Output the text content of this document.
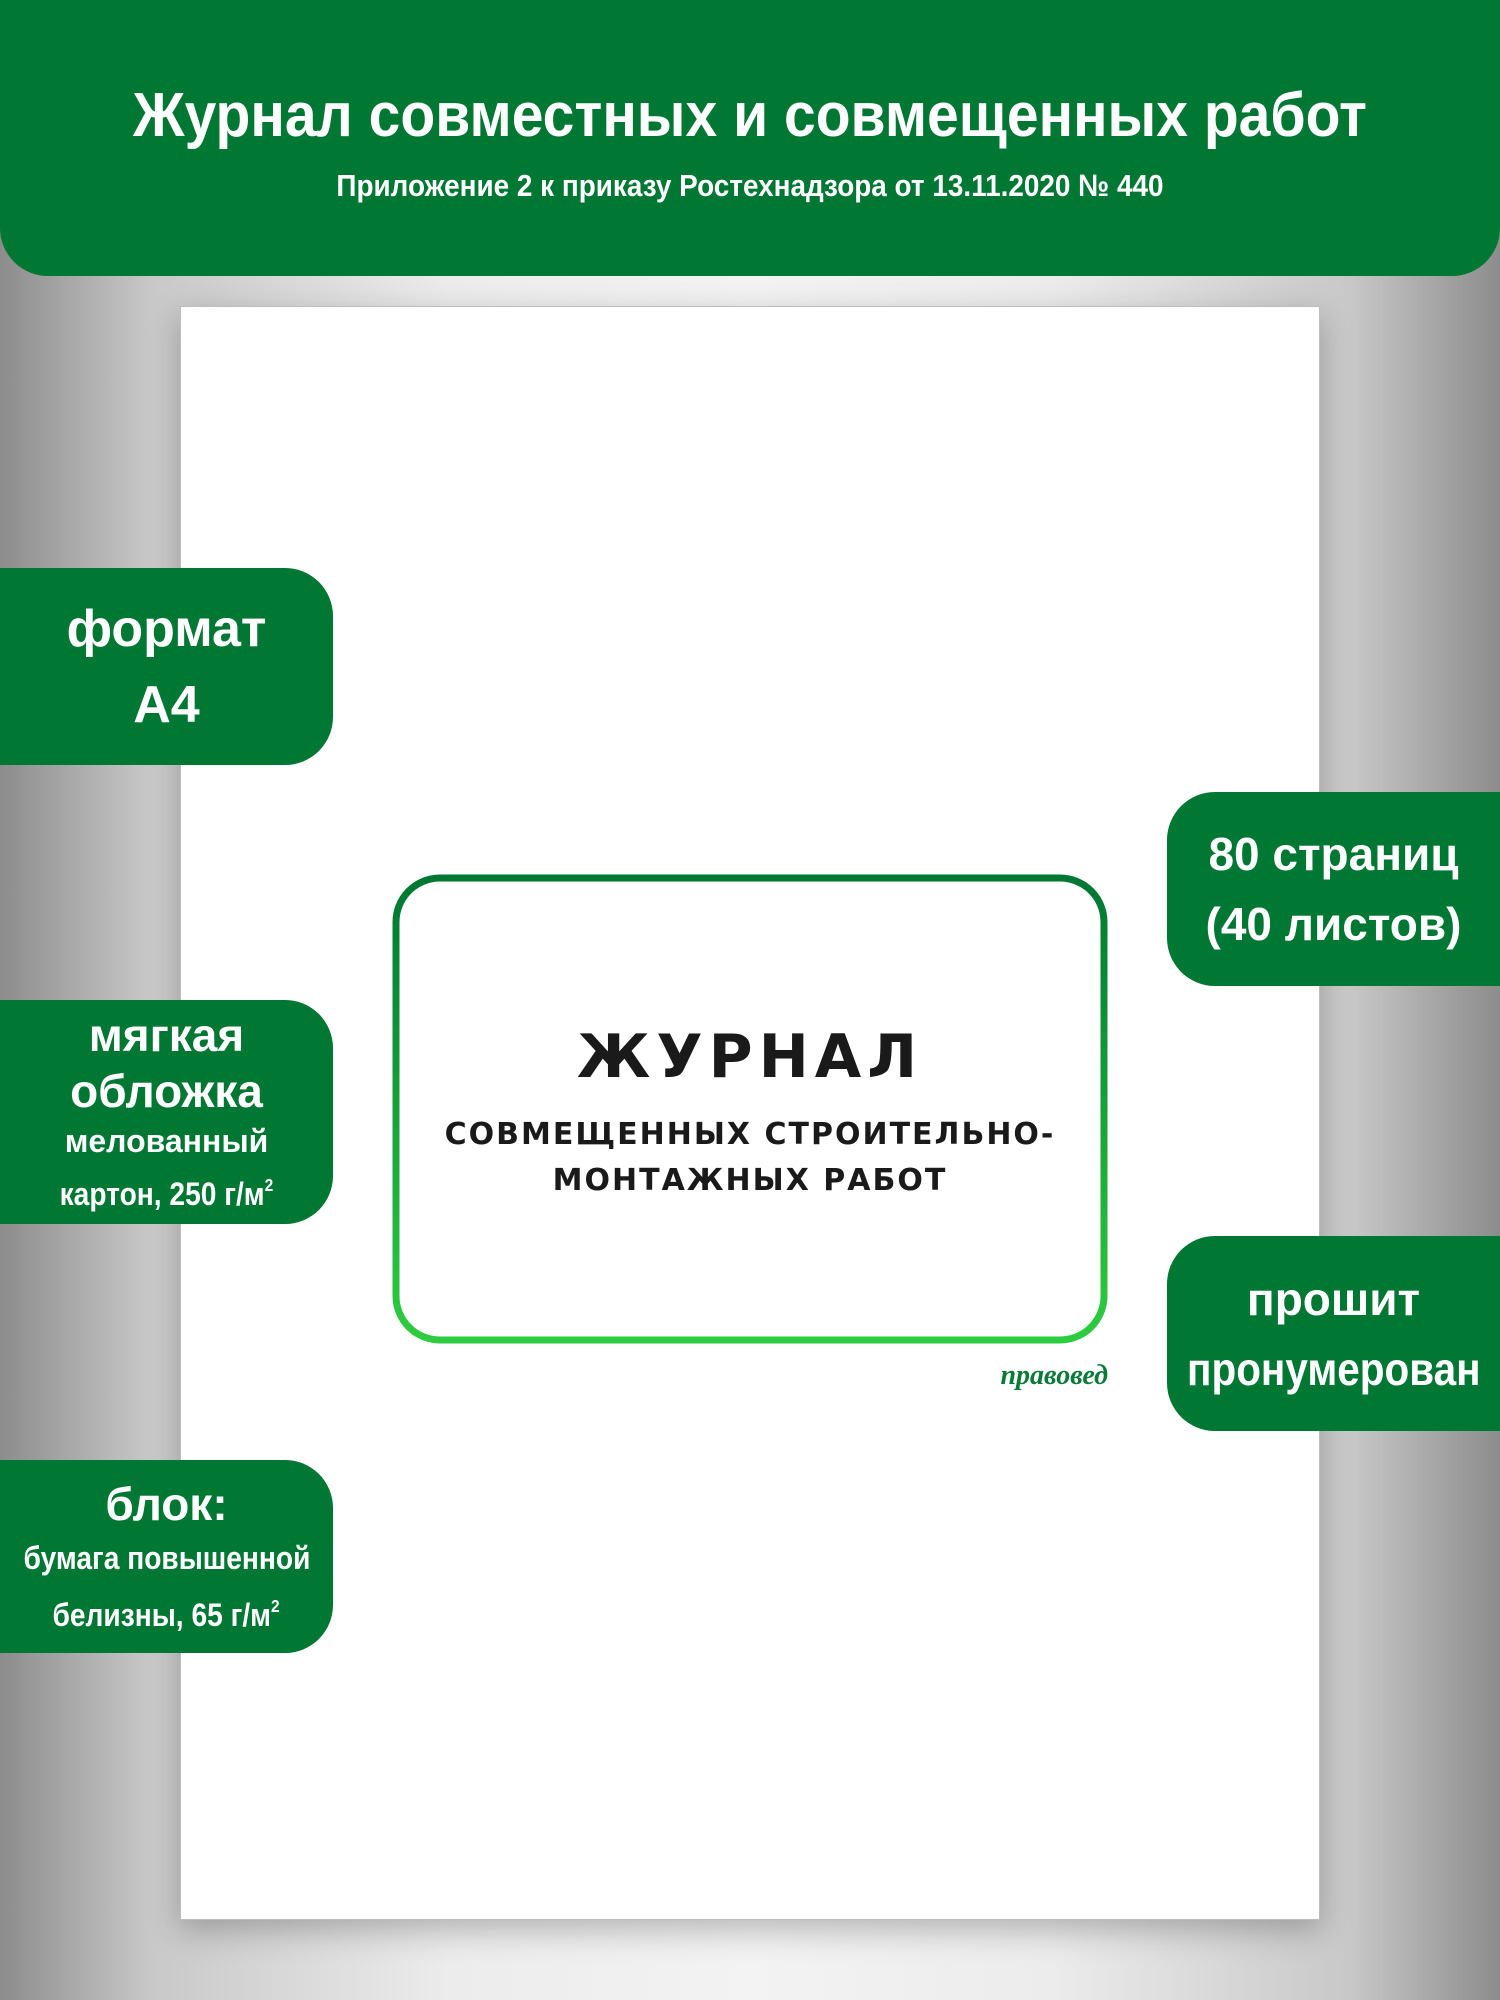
Журнал совместных и совмещенных работ
Приложение 2 к приказу Ростехнадзора от 13.11.2020 № 440
ЖУРНАЛ
СОВМЕЩЕННЫХ СТРОИТЕЛЬНО-
МОНТАЖНЫХ РАБОТ
правовед
формат
А4
мягкая
обложка
мелованный
картон, 250 $г/м^2$
блок:
бумага повышенной
белизны, 65 $г/м^2$
80 страниц
(40 листов)
прошит
пронумерован
